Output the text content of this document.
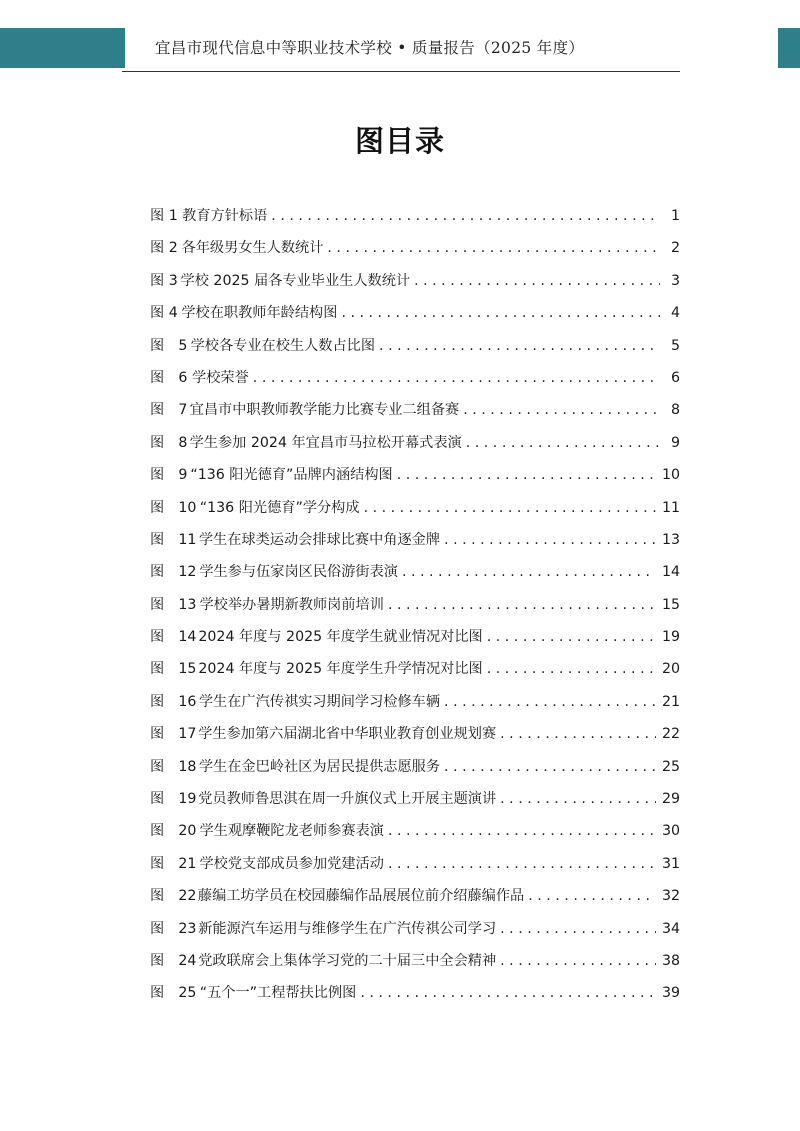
宜昌市现代信息中等职业技术学校 • 质量报告（2025 年度）
图目录
图 1 教育方针标语 . . .	1
图 2 各年级男女生人数统计 . . .	2
图 3 学校 2025 届各专业毕业生人数统计 . . .	3
图 4 学校在职教师年龄结构图 . . .	4
图　5 学校各专业在校生人数占比图 . . .	5
图　6 学校荣誉 . . .	6
图　7 宜昌市中职教师教学能力比赛专业二组备赛 . . .	8
图　8 学生参加 2024 年宜昌市马拉松开幕式表演 . . .	9
图　9 “136 阳光德育”品牌内涵结构图 . . .	10
图　10 “136 阳光德育”学分构成 . . .	11
图　11 学生在球类运动会排球比赛中角逐金牌 . . .	13
图　12 学生参与伍家岗区民俗游街表演 . . .	14
图　13 学校举办暑期新教师岗前培训 . . .	15
图　14 2024 年度与 2025 年度学生就业情况对比图 . . .	19
图　15 2024 年度与 2025 年度学生升学情况对比图 . . .	20
图　16 学生在广汽传祺实习期间学习检修车辆 . . .	21
图　17 学生参加第六届湖北省中华职业教育创业规划赛 . . .	22
图　18 学生在金巴岭社区为居民提供志愿服务 . . .	25
图　19 党员教师鲁思淇在周一升旗仪式上开展主题演讲 . . .	29
图　20 学生观摩鞭陀龙老师参赛表演 . . .	30
图　21 学校党支部成员参加党建活动 . . .	31
图　22 藤编工坊学员在校园藤编作品展展位前介绍藤编作品 . . .	32
图　23 新能源汽车运用与维修学生在广汽传祺公司学习 . . .	34
图　24 党政联席会上集体学习党的二十届三中全会精神 . . .	38
图　25 “五个一”工程帮扶比例图 . . .	39
